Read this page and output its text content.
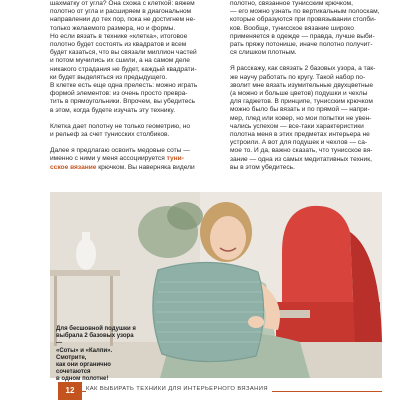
шахматку от угла? Она схожа с клеткой: вяжем
полотно от угла и расширяем в диагональном
направлении до тех пор, пока не достигнем не-
только желаемого размера, но и формы.
Но если вязать в технике «клетка», итоговое
полотно будет состоять из квадратов и всем
будет казаться, что вы связали миллион частей
и потом мучились их сшили, а на самом деле
никакого страдания не будет, каждый квадрати-
ки будет выделяться из предыдущего.
В клетке есть еще одна прелесть: можно играть
формой элементов: из очень просто превра-
тить в прямоугольники. Впрочем, вы убедитесь
в этом, когда будете изучать эту технику.

Клетка дает полотну не только геометрию, но
и рельеф за счет тунисских столбиков.

Далее я предлагаю освоить медовые соты —
именно с ними у меня ассоциируется туни-
сское вязание крючком. Вы наверняка видели

полотно, связанное тунисским крючком,
— его можно узнать по вертикальным полоскам,
которые образуются при провязывании столби-
ков. Вообще, тунисское вязание широко
применяется в одежде — правда, лучше выби-
рать пряжу потонише, иначе полотно получит-
ся слишком плотным.

Я расскажу, как связать 2 базовых узора, а так-
же научу работать по кругу. Такой набор по-
зволит мне вязать изумительные двухцветные
(а можно и больше цветов) подушки и чехлы
для гаджетов. В принципе, тунисским крючком
можно было бы вязать и по прямой — напри-
мер, плед или ковер, но мои попытки не увен-
чались успехом — все-таки характеристики
полотна меня в этих предметах интерьера не
устроили. А вот для подушек и чехлов — са-
мое то. И да, важно сказать, что тунисское вя-
зание — одна из самых медитативных техник,
вы в этом убедитесь.

Для бесшовной подушки я
выбрала 2 базовых узора —
«Соты» и «Калпи». Смотрите,
как они органично сочетаются
в одном полотне!
12	КАК ВЫБИРАТЬ ТЕХНИКИ ДЛЯ ИНТЕРЬЕРНОГО ВЯЗАНИЯ
